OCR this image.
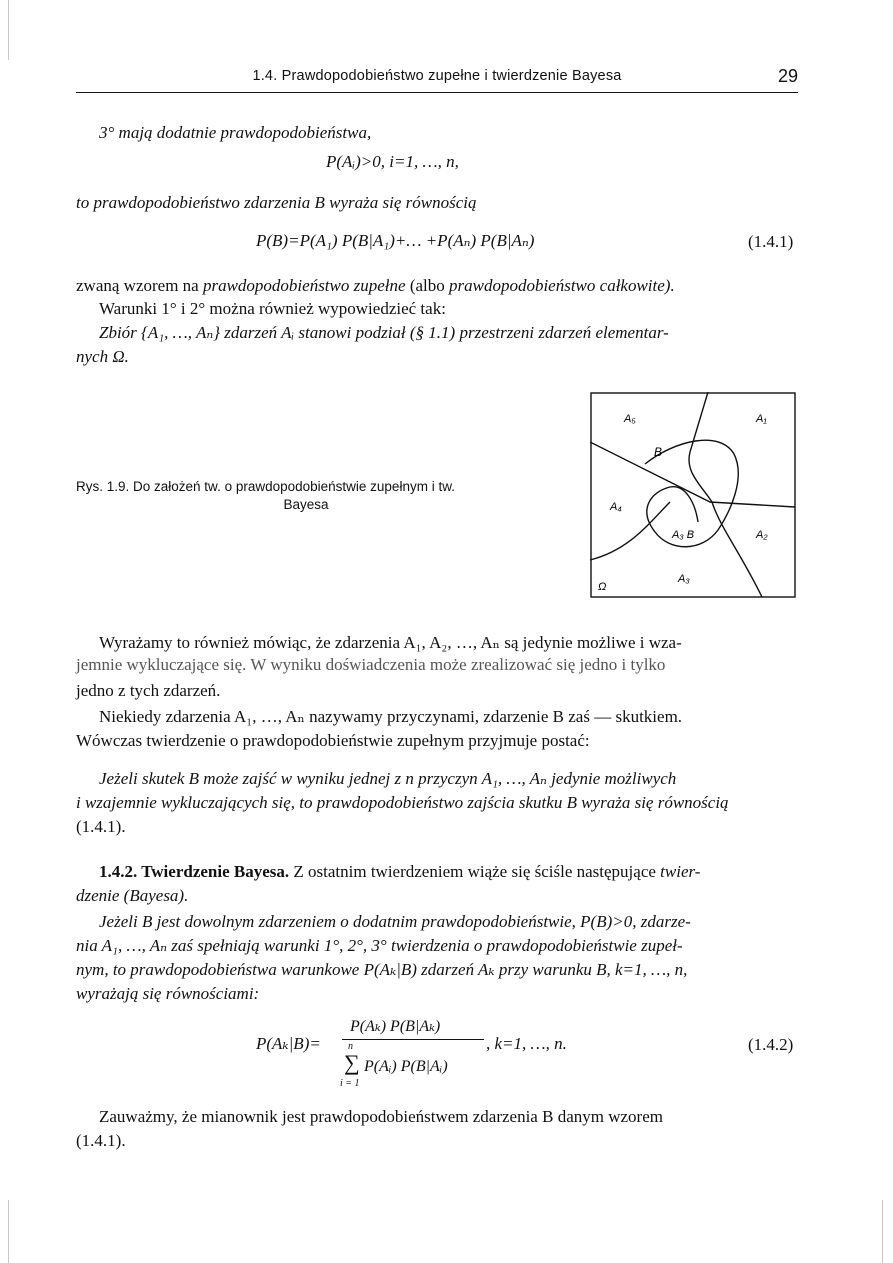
1.4. Prawdopodobieństwo zupełne i twierdzenie Bayesa	29
3° mają dodatnie prawdopodobieństwa,
P(Aᵢ)>0, i=1, …, n,
to prawdopodobieństwo zdarzenia B wyraża się równością
P(B)=P(A₁) P(B|A₁)+… +P(Aₙ) P(B|Aₙ)	(1.4.1)
zwaną wzorem na prawdopodobieństwo zupełne (albo prawdopodobieństwo całkowite).
Warunki 1° i 2° można również wypowiedzieć tak:
Zbiór {A₁, …, Aₙ} zdarzeń Aᵢ stanowi podział (§ 1.1) przestrzeni zdarzeń elementar-
nych Ω.
Rys. 1.9. Do założeń tw. o prawdopodobieństwie zupełnym i tw.
Bayesa
A₅	A₁
B
A₄
A₃ B	A₂
Ω
A₃
Wyrażamy to również mówiąc, że zdarzenia A₁, A₂, …, Aₙ są jedynie możliwe i wza-
jemnie wykluczające się. W wyniku doświadczenia może zrealizować się jedno i tylko
jedno z tych zdarzeń.
Niekiedy zdarzenia A₁, …, Aₙ nazywamy przyczynami, zdarzenie B zaś — skutkiem.
Wówczas twierdzenie o prawdopodobieństwie zupełnym przyjmuje postać:
Jeżeli skutek B może zajść w wyniku jednej z n przyczyn A₁, …, Aₙ jedynie możliwych
i wzajemnie wykluczających się, to prawdopodobieństwo zajścia skutku B wyraża się równością
(1.4.1).
1.4.2. Twierdzenie Bayesa. Z ostatnim twierdzeniem wiąże się ściśle następujące twier-
dzenie (Bayesa).
Jeżeli B jest dowolnym zdarzeniem o dodatnim prawdopodobieństwie, P(B)>0, zdarze-
nia A₁, …, Aₙ zaś spełniają warunki 1°, 2°, 3° twierdzenia o prawdopodobieństwie zupeł-
nym, to prawdopodobieństwa warunkowe P(Aₖ|B) zdarzeń Aₖ przy warunku B, k=1, …, n,
wyrażają się równościami:
P(Aₖ|B)=
P(Aₖ) P(B|Aₖ)
n
∑ P(Aᵢ) P(B|Aᵢ)
i = 1
, k=1, …, n.	(1.4.2)
Zauważmy, że mianownik jest prawdopodobieństwem zdarzenia B danym wzorem
(1.4.1).
